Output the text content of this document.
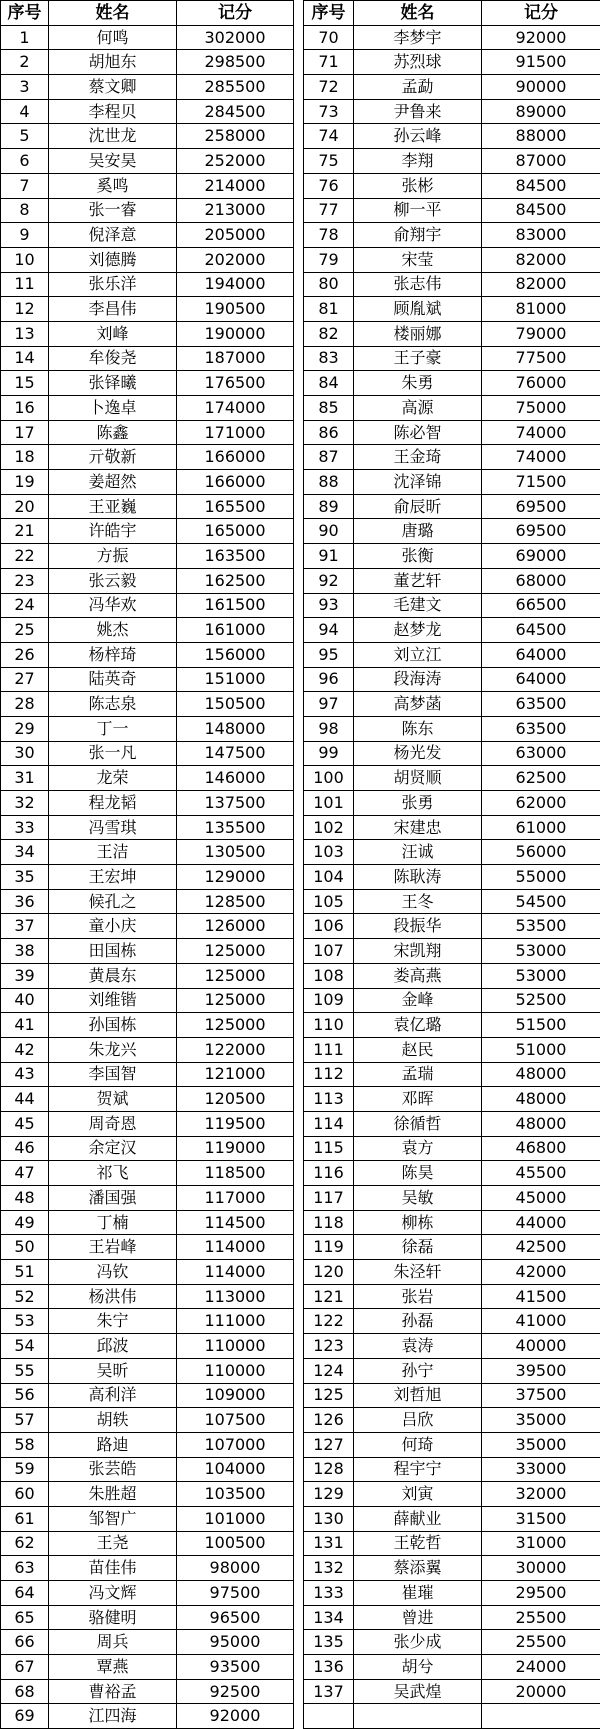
序号	姓名	记分
1	何鸣	302000
2	胡旭东	298500
3	蔡文卿	285500
4	李程贝	284500
5	沈世龙	258000
6	吴安昊	252000
7	奚鸣	214000
8	张一睿	213000
9	倪泽意	205000
10	刘德腾	202000
11	张乐洋	194000
12	李昌伟	190500
13	刘峰	190000
14	牟俊尧	187000
15	张铎曦	176500
16	卜逸卓	174000
17	陈鑫	171000
18	亓敬新	166000
19	姜超然	166000
20	王亚巍	165500
21	许皓宇	165000
22	方振	163500
23	张云毅	162500
24	冯华欢	161500
25	姚杰	161000
26	杨梓琦	156000
27	陆英奇	151000
28	陈志泉	150500
29	丁一	148000
30	张一凡	147500
31	龙荣	146000
32	程龙韬	137500
33	冯雪琪	135500
34	王洁	130500
35	王宏坤	129000
36	候孔之	128500
37	童小庆	126000
38	田国栋	125000
39	黄晨东	125000
40	刘维锴	125000
41	孙国栋	125000
42	朱龙兴	122000
43	李国智	121000
44	贺斌	120500
45	周奇恩	119500
46	余定汉	119000
47	祁飞	118500
48	潘国强	117000
49	丁楠	114500
50	王岩峰	114000
51	冯钦	114000
52	杨洪伟	113000
53	朱宁	111000
54	邱波	110000
55	吴昕	110000
56	高利洋	109000
57	胡轶	107500
58	路迪	107000
59	张芸皓	104000
60	朱胜超	103500
61	邹智广	101000
62	王尧	100500
63	苗佳伟	98000
64	冯文辉	97500
65	骆健明	96500
66	周兵	95000
67	覃燕	93500
68	曹裕孟	92500
69	江四海	92000
序号	姓名	记分
70	李梦宇	92000
71	苏烈球	91500
72	孟勐	90000
73	尹鲁来	89000
74	孙云峰	88000
75	李翔	87000
76	张彬	84500
77	柳一平	84500
78	俞翔宇	83000
79	宋莹	82000
80	张志伟	82000
81	顾胤斌	81000
82	楼丽娜	79000
83	王子豪	77500
84	朱勇	76000
85	高源	75000
86	陈必智	74000
87	王金琦	74000
88	沈泽锦	71500
89	俞辰昕	69500
90	唐璐	69500
91	张衡	69000
92	董艺轩	68000
93	毛建文	66500
94	赵梦龙	64500
95	刘立江	64000
96	段海涛	64000
97	高梦菡	63500
98	陈东	63500
99	杨光发	63000
100	胡贤顺	62500
101	张勇	62000
102	宋建忠	61000
103	汪诚	56000
104	陈耿涛	55000
105	王冬	54500
106	段振华	53500
107	宋凯翔	53000
108	娄高燕	53000
109	金峰	52500
110	袁亿璐	51500
111	赵民	51000
112	孟瑞	48000
113	邓晖	48000
114	徐循哲	48000
115	袁方	46800
116	陈昊	45500
117	吴敏	45000
118	柳栋	44000
119	徐磊	42500
120	朱泾轩	42000
121	张岩	41500
122	孙磊	41000
123	袁涛	40000
124	孙宁	39500
125	刘哲旭	37500
126	吕欣	35000
127	何琦	35000
128	程宇宁	33000
129	刘寅	32000
130	薛献业	31500
131	王乾哲	31000
132	蔡添翼	30000
133	崔璀	29500
134	曾进	25500
135	张少成	25500
136	胡兮	24000
137	吴武煌	20000
